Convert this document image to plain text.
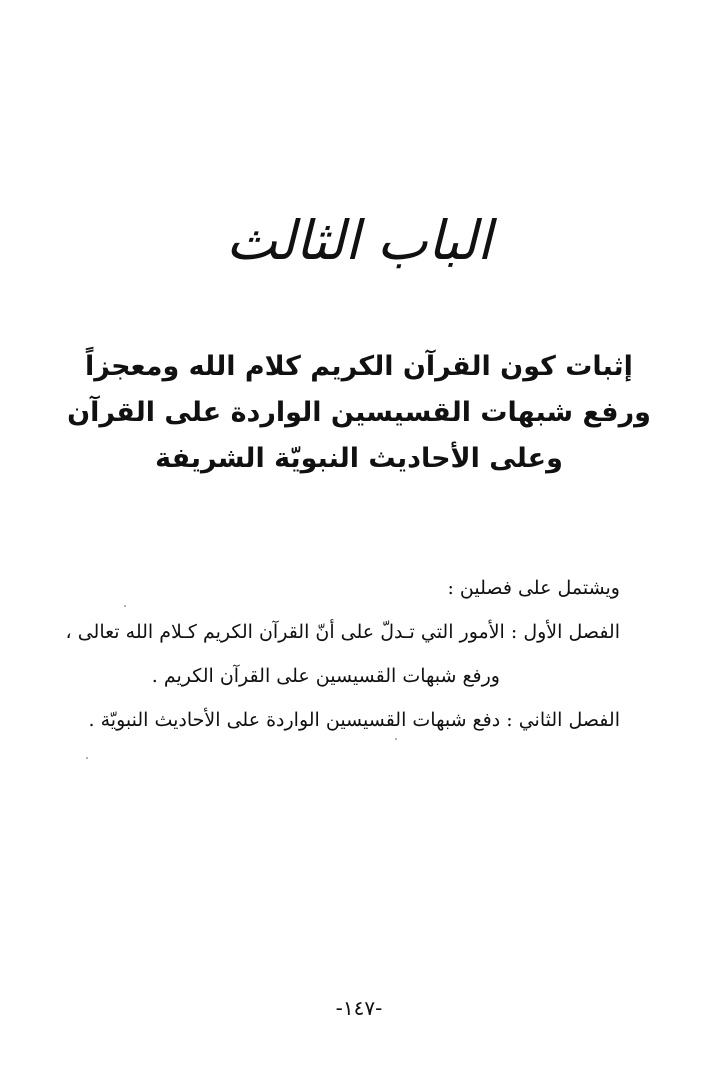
الباب الثالث
إثبات كون القرآن الكريم كلام الله ومعجزاً
ورفع شبهات القسيسين الواردة على القرآن
وعلى الأحاديث النبويّة الشريفة
ويشتمل على فصلين :
الفصل الأول : الأمور التي تـدلّ على أنّ القرآن الكريم كـلام الله تعالى ،
ورفع شبهات القسيسين على القرآن الكريم .
الفصل الثاني : دفع شبهات القسيسين الواردة على الأحاديث النبويّة .
-١٤٧-
